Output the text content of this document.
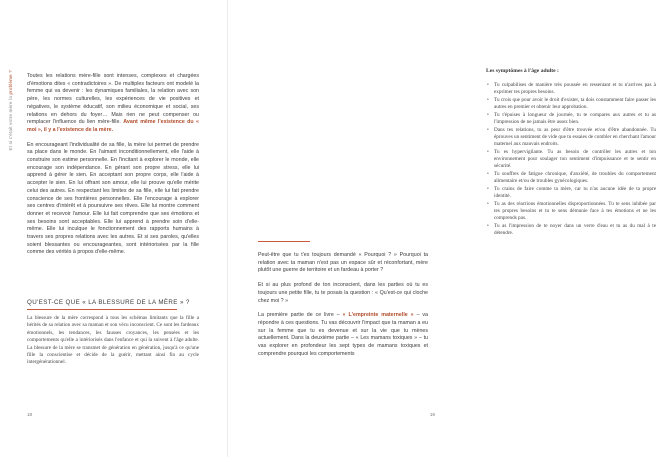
Et si c'était votre mère la problème ?	Toutes les relations mère-fille sont intenses, complexes et chargées d'émotions dites « contradictoires ». De multiples facteurs ont modelé la femme qui va devenir : les dynamiques familiales, la relation avec son père, les normes culturelles, les expériences de vie positives et négatives, le système éducatif, son milieu économique et social, ses relations en dehors du foyer… Mais rien ne peut compenser ou remplacer l'influence du lien mère-fille. Avant même l'existence du « moi », il y a l'existence de la mère.

En encourageant l'individualité de sa fille, la mère lui permet de prendre sa place dans le monde. En l'aimant inconditionnellement, elle l'aide à construire son estime personnelle. En l'incitant à explorer le monde, elle encourage son indépendance. En gérant son propre stress, elle lui apprend à gérer le sien. En acceptant son propre corps, elle l'aide à accepter le sien. En lui offrant son amour, elle lui prouve qu'elle mérite celui des autres. En respectant les limites de sa fille, elle lui fait prendre conscience de ses frontières personnelles. Elle l'encourage à explorer ses centres d'intérêt et à poursuivre ses rêves. Elle lui montre comment donner et recevoir l'amour. Elle lui fait comprendre que ses émotions et ses besoins sont acceptables. Elle lui apprend à prendre soin d'elle-même. Elle lui inculque le fonctionnement des rapports humains à travers ses propres relations avec les autres. Et si ses paroles, qu'elles soient blessantes ou encourageantes, sont intériorisées par la fille comme des vérités à propos d'elle-même.

QU'EST-CE QUE « LA BLESSURE DE LA MÈRE » ?

La blessure de la mère correspond à tous les schémas limitants que la fille a hérités de sa relation avec sa maman et son vécu inconscient. Ce sont les fardeaux émotionnels, les tendances, les fausses croyances, les pensées et les comportements qu'elle a intériorisés dans l'enfance et qui la suivent à l'âge adulte. La blessure de la mère se transmet de génération en génération, jusqu'à ce qu'une fille la conscientise et décide de la guérir, mettant ainsi fin au cycle intergénérationnel.

18

Les symptômes à l'âge adulte :

• Tu culpabilises de manière très poussée en ressentant et tu n'arrives pas à exprimer tes propres besoins.
• Tu crois que pour avoir le droit d'exister, ta dois constamment faire passer les autres en premier et obtenir leur approbation.
• Tu t'épuises à longueur de journée, tu te compares aux autres et tu as l'impression de ne jamais être assez bien.
• Dans tes relations, tu as peur d'être trouvée et/ou d'être abandonnée. Tu éprouves un sentiment de vide que tu essaies de combler en cherchant l'amour maternel aux mauvais endroits.
• Tu es hypervigilante. Tu as besoin de contrôler les autres et ton environnement pour soulager ton sentiment d'impuissance et te sentir en sécurité.
• Tu souffres de fatigue chronique, d'anxiété, de troubles du comportement alimentaire et/ou de troubles gynécologiques.
• Tu crains de faire comme ta mère, car tu n'as aucune idée de ta propre identité.
• Tu as des réactions émotionnelles disproportionnées. Tu te sens inhibée par tes propres besoins et tu te sens démunie face à tes émotions et ne les comprends pas.
• Tu as l'impression de te noyer dans un verre d'eau et tu as du mal à te détendre.

Peut-être que tu t'es toujours demandé « Pourquoi ? » Pourquoi ta relation avec ta maman n'est pas un espace sûr et réconfortant, mère plutôt une guerre de territoire et un fardeau à porter ?

Et si au plus profond de ton inconscient, dans les parties où tu es toujours une petite fille, tu te posais la question : « Qu'est-ce qui cloche chez moi ? »

La première partie de ce livre – « L'empreinte maternelle » – va répondre à ces questions. Tu vas découvrir l'impact que ta maman a eu sur la femme que tu es devenue et sur la vie que tu mènes actuellement. Dans la deuxième partie – « Les mamans toxiques » – tu vas explorer en profondeur les sept types de mamans toxiques et comprendre pourquoi les comportements

19
